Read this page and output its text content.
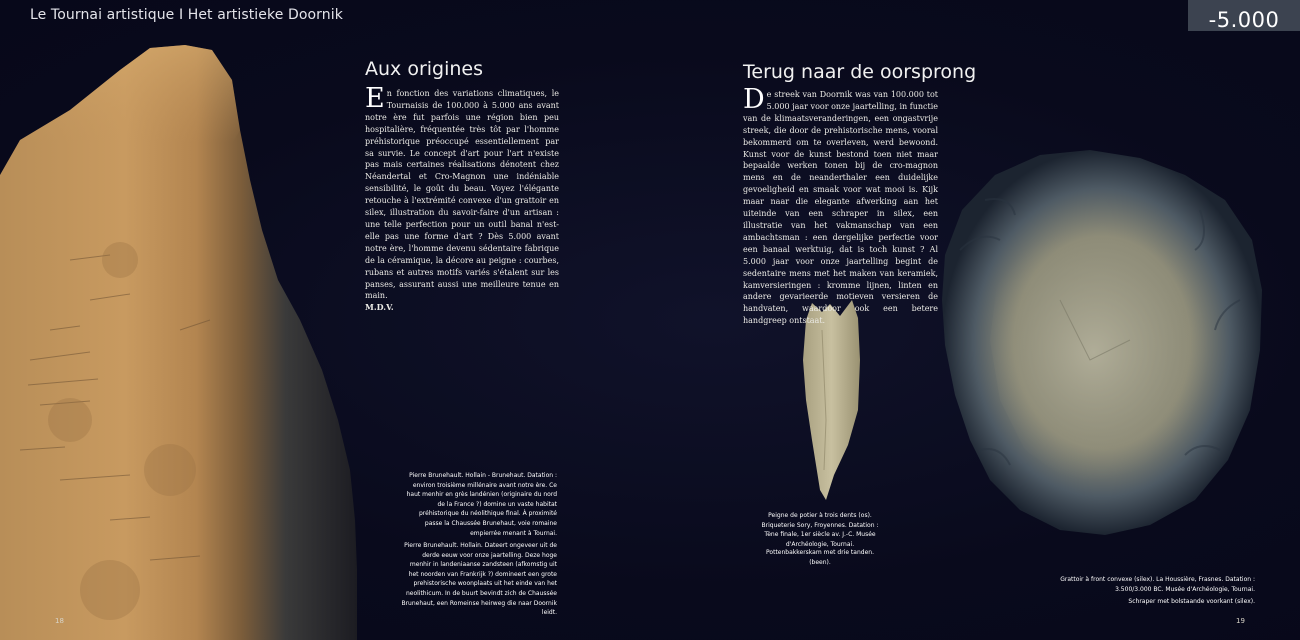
Le Tournai artistique I Het artistieke Doornik	-5.000
Aux origines

En fonction des variations climatiques, le Tournaisis de 100.000 à 5.000 ans avant notre ère fut parfois une région bien peu hospitalière, fréquentée très tôt par l'homme préhistorique préoccupé essentiellement par sa survie. Le concept d'art pour l'art n'existe pas mais certaines réalisations dénotent chez Néandertal et Cro-Magnon une indéniable sensibilité, le goût du beau. Voyez l'élégante retouche à l'extrémité convexe d'un grattoir en silex, illustration du savoir-faire d'un artisan : une telle perfection pour un outil banal n'est-elle pas une forme d'art ? Dès 5.000 avant notre ère, l'homme devenu sédentaire fabrique de la céramique, la décore au peigne : courbes, rubans et autres motifs variés s'étalent sur les panses, assurant aussi une meilleure tenue en main.
M.D.V.

Terug naar de oorsprong

De streek van Doornik was van 100.000 tot 5.000 jaar voor onze jaartelling, in functie van de klimaatsveranderingen, een ongastvrije streek, die door de prehistorische mens, vooral bekommerd om te overleven, werd bewoond. Kunst voor de kunst bestond toen niet maar bepaalde werken tonen bij de cro-magnon mens en de neanderthaler een duidelijke gevoeligheid en smaak voor wat mooi is. Kijk maar naar die elegante afwerking aan het uiteinde van een schraper in silex, een illustratie van het vakmanschap van een ambachtsman : een dergelijke perfectie voor een banaal werktuig, dat is toch kunst ? Al 5.000 jaar voor onze jaartelling begint de sedentaire mens met het maken van keramiek, kamversieringen : kromme lijnen, linten en andere gevarieerde motieven versieren de handvaten, waardoor ook een betere handgreep ontstaat.

Pierre Brunehault. Hollain - Brunehaut. Datation : environ troisième millénaire avant notre ère. Ce haut menhir en grès landénien (originaire du nord de la France ?) domine un vaste habitat préhistorique du néolithique final. À proximité passe la Chaussée Brunehaut, voie romaine empierrée menant à Tournai.

Pierre Brunehault. Hollain. Dateert ongeveer uit de derde eeuw voor onze jaartelling. Deze hoge menhir in landeniaanse zandsteen (afkomstig uit het noorden van Frankrijk ?) domineert een grote prehistorische woonplaats uit het einde van het neolithicum. In de buurt bevindt zich de Chaussée Brunehaut, een Romeinse heirweg die naar Doornik leidt.

Peigne de potier à trois dents (os). Briqueterie Sory, Froyennes. Datation : Tène finale, 1er siècle av. J.-C. Musée d'Archéologie, Tournai.

Pottenbakkerskam met drie tanden. (been).

Grattoir à front convexe (silex). La Houssière, Frasnes. Datation : 3.500/3.000 BC. Musée d'Archéologie, Tournai.

Schraper met bolstaande voorkant (silex).

18	19
